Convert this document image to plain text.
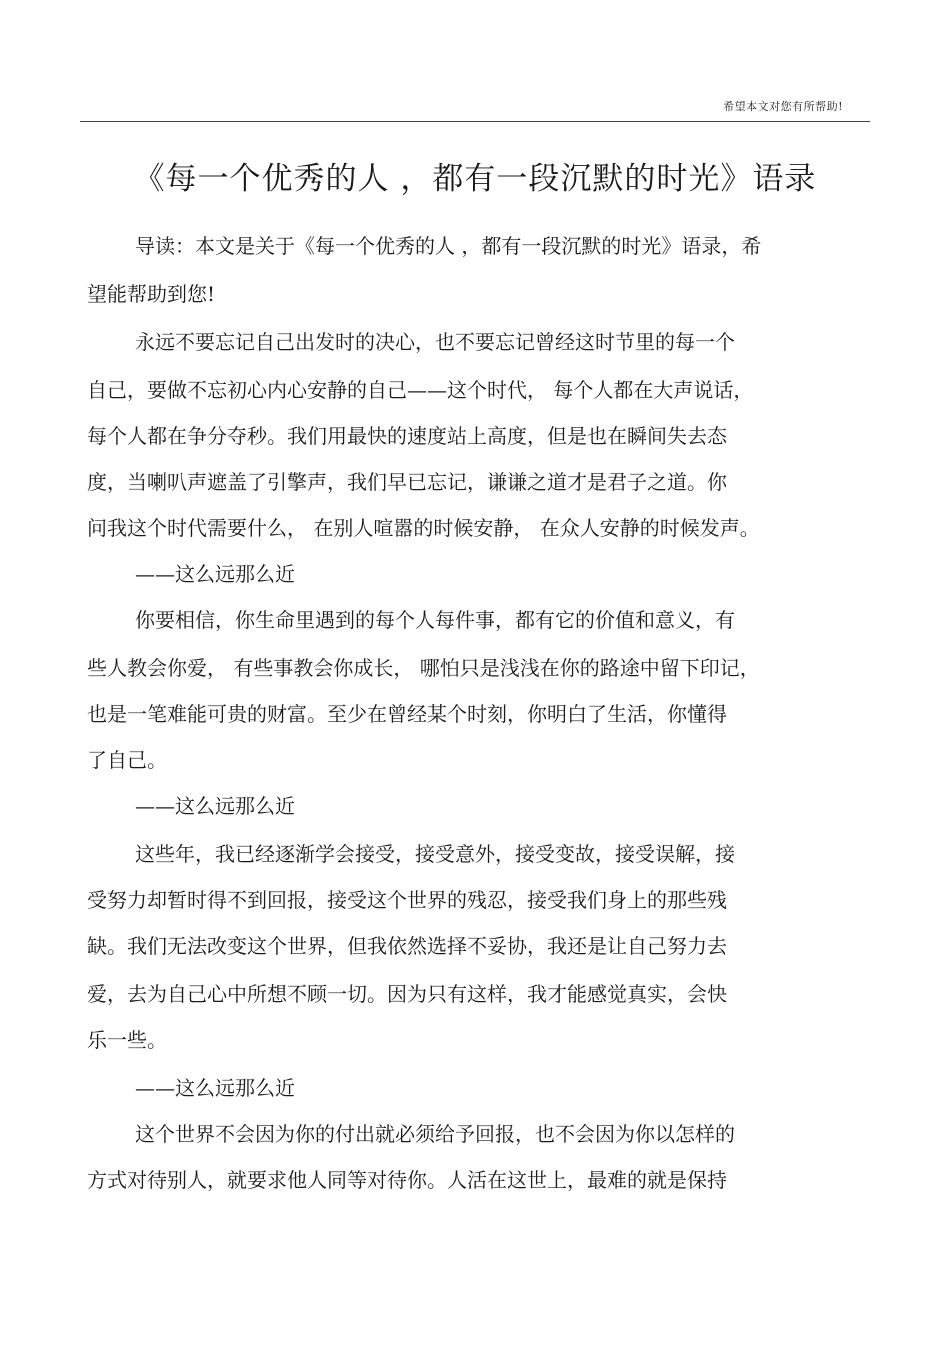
希望本文对您有所帮助!
《每一个优秀的人 ，都有一段沉默的时光》语录

导读：本文是关于《每一个优秀的人 ，都有一段沉默的时光》语录，希

望能帮助到您!

永远不要忘记自己出发时的决心，也不要忘记曾经这时节里的每一个

自己，要做不忘初心内心安静的自己——这个时代， 每个人都在大声说话，

每个人都在争分夺秒。我们用最快的速度站上高度，但是也在瞬间失去态

度，当喇叭声遮盖了引擎声，我们早已忘记，谦谦之道才是君子之道。你

问我这个时代需要什么， 在别人喧嚣的时候安静， 在众人安静的时候发声。

——这么远那么近

你要相信，你生命里遇到的每个人每件事，都有它的价值和意义，有

些人教会你爱， 有些事教会你成长， 哪怕只是浅浅在你的路途中留下印记，

也是一笔难能可贵的财富。至少在曾经某个时刻，你明白了生活，你懂得

了自己。

——这么远那么近

这些年，我已经逐渐学会接受，接受意外，接受变故，接受误解，接

受努力却暂时得不到回报，接受这个世界的残忍，接受我们身上的那些残

缺。我们无法改变这个世界，但我依然选择不妥协，我还是让自己努力去

爱，去为自己心中所想不顾一切。因为只有这样，我才能感觉真实，会快

乐一些。

——这么远那么近

这个世界不会因为你的付出就必须给予回报，也不会因为你以怎样的

方式对待别人，就要求他人同等对待你。人活在这世上，最难的就是保持
